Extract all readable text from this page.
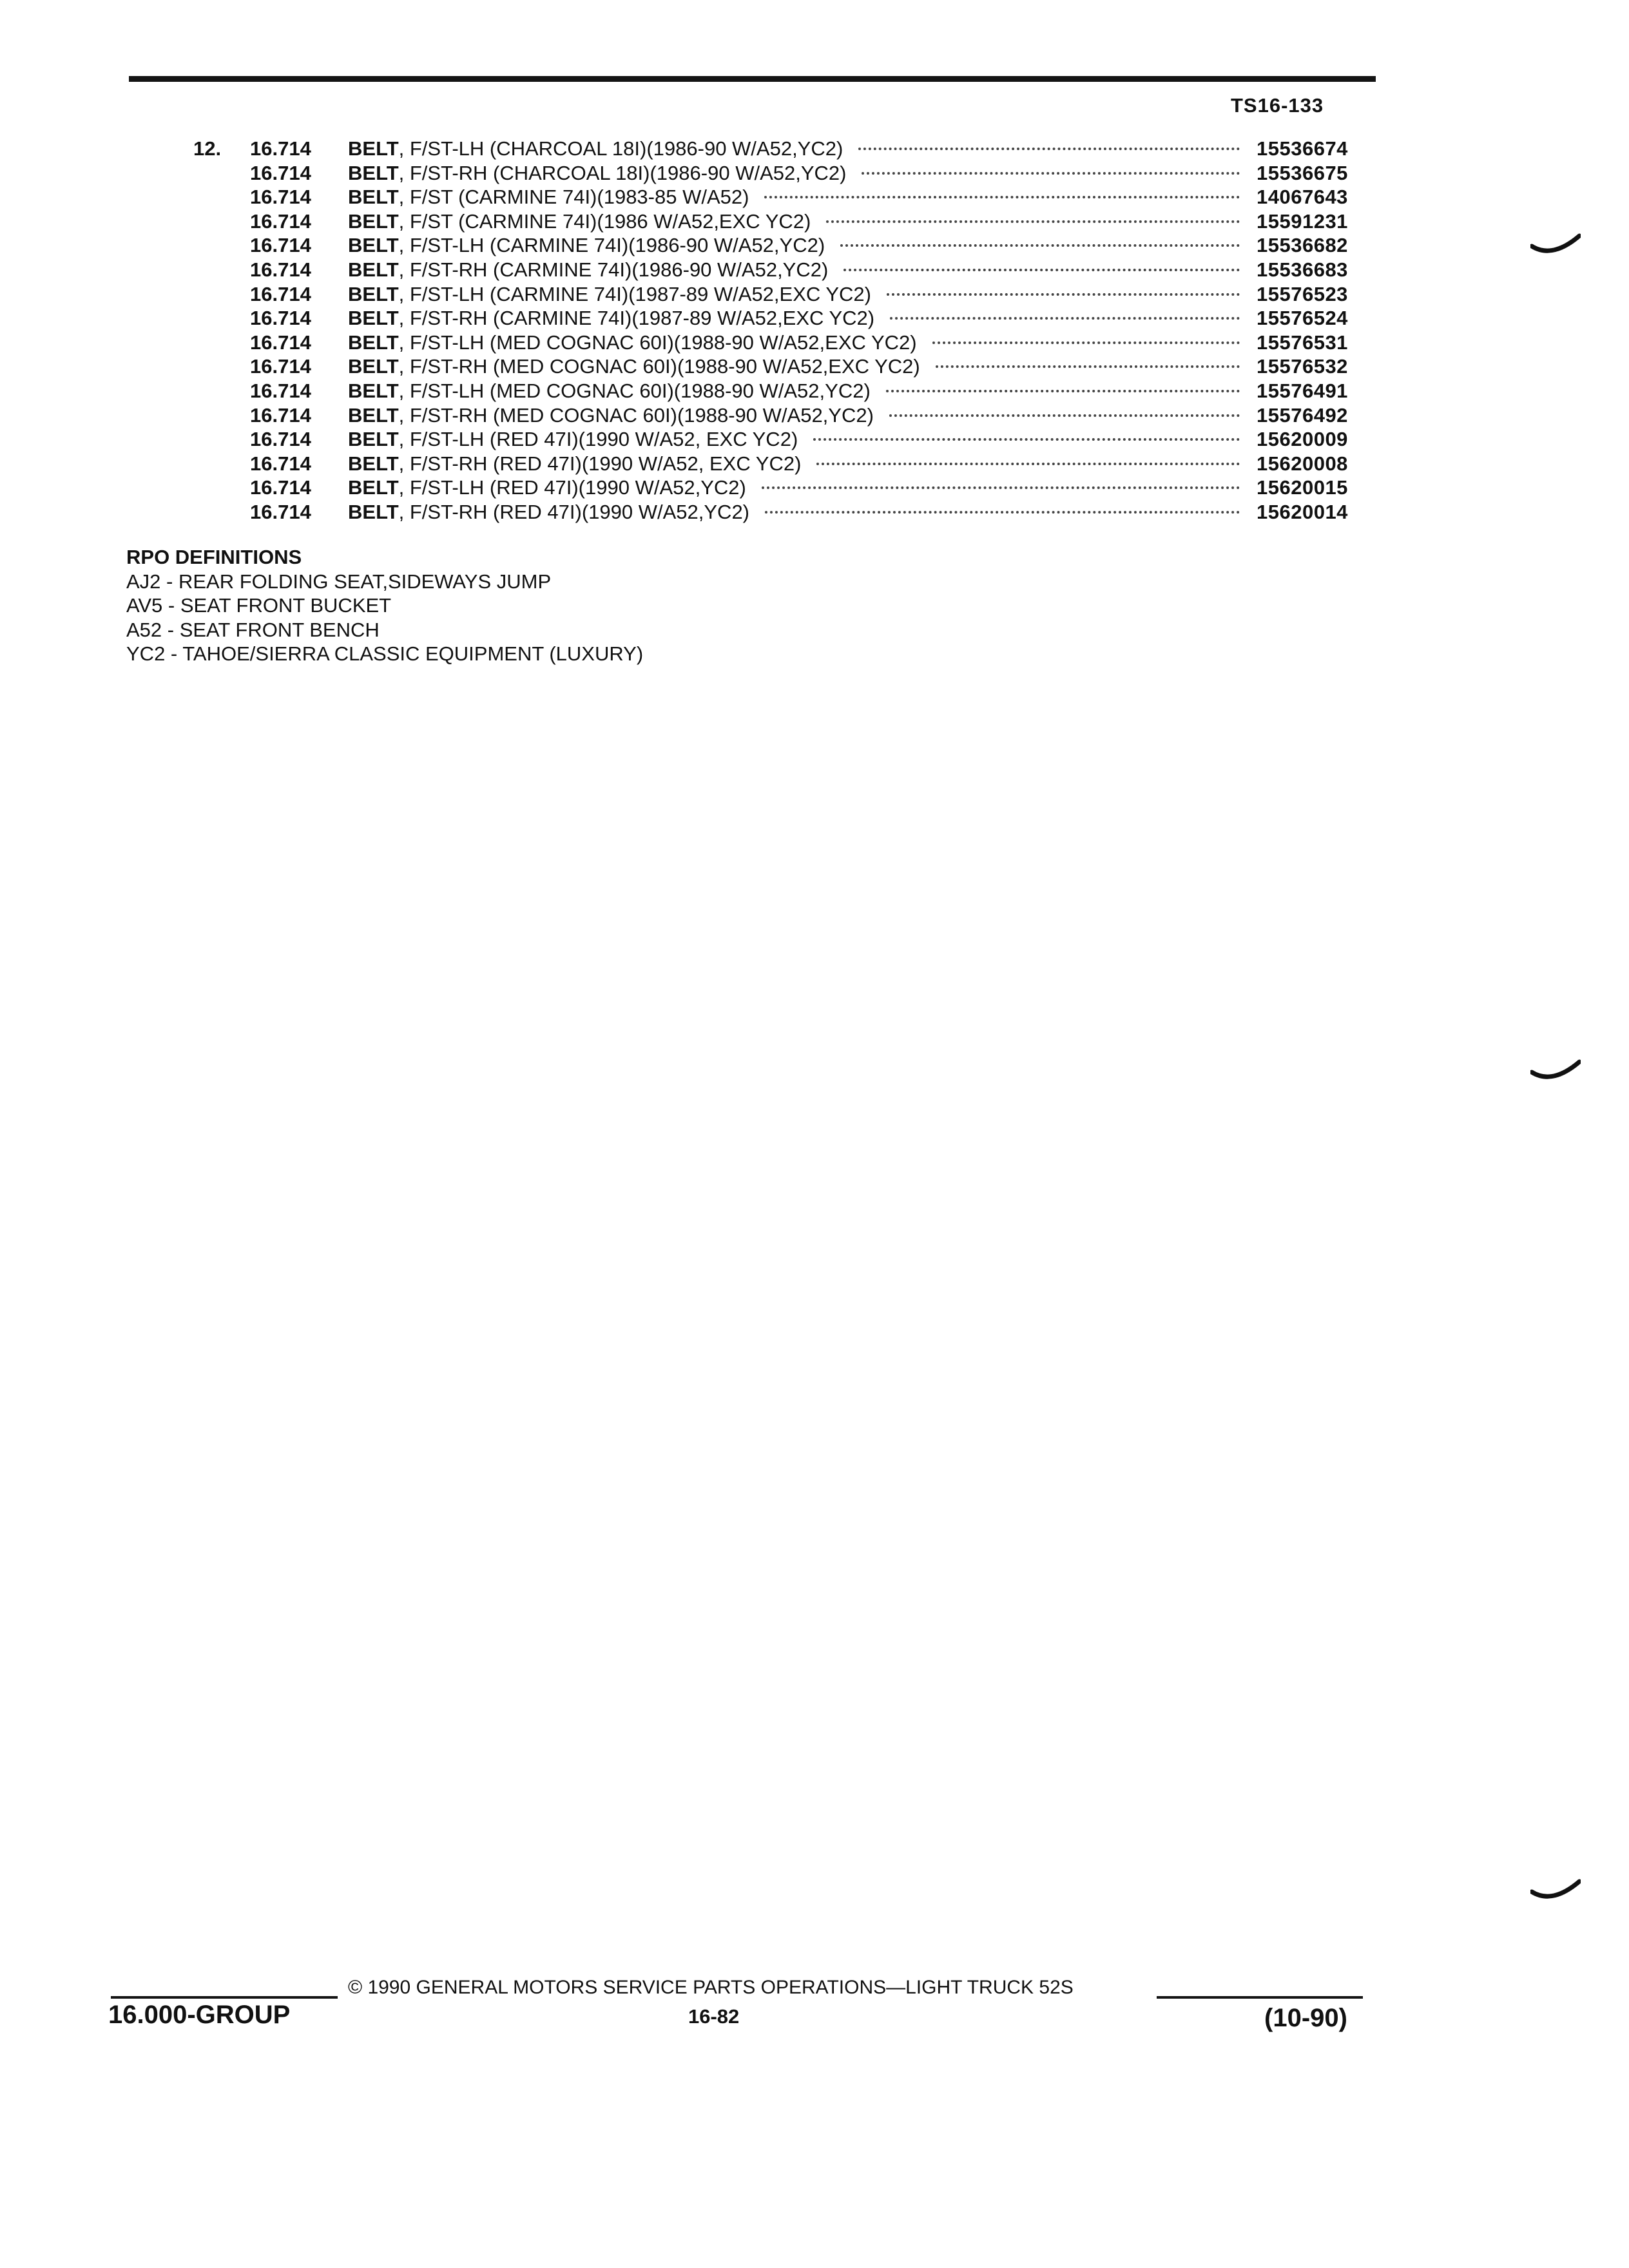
TS16-133
12. 16.714 BELT , F/ST-LH (CHARCOAL 18I)(1986-90 W/A52,YC2)	15536674
16.714 BELT , F/ST-RH (CHARCOAL 18I)(1986-90 W/A52,YC2)	15536675
16.714 BELT , F/ST (CARMINE 74I)(1983-85 W/A52)	14067643
16.714 BELT , F/ST (CARMINE 74I)(1986 W/A52,EXC YC2)	15591231
16.714 BELT , F/ST-LH (CARMINE 74I)(1986-90 W/A52,YC2)	15536682
16.714 BELT , F/ST-RH (CARMINE 74I)(1986-90 W/A52,YC2)	15536683
16.714 BELT , F/ST-LH (CARMINE 74I)(1987-89 W/A52,EXC YC2)	15576523
16.714 BELT , F/ST-RH (CARMINE 74I)(1987-89 W/A52,EXC YC2)	15576524
16.714 BELT , F/ST-LH (MED COGNAC 60I)(1988-90 W/A52,EXC YC2)	15576531
16.714 BELT , F/ST-RH (MED COGNAC 60I)(1988-90 W/A52,EXC YC2)	15576532
16.714 BELT , F/ST-LH (MED COGNAC 60I)(1988-90 W/A52,YC2)	15576491
16.714 BELT , F/ST-RH (MED COGNAC 60I)(1988-90 W/A52,YC2)	15576492
16.714 BELT , F/ST-LH (RED 47I)(1990 W/A52, EXC YC2)	15620009
16.714 BELT , F/ST-RH (RED 47I)(1990 W/A52, EXC YC2)	15620008
16.714 BELT , F/ST-LH (RED 47I)(1990 W/A52,YC2)	15620015
16.714 BELT , F/ST-RH (RED 47I)(1990 W/A52,YC2)	15620014
RPO DEFINITIONS
AJ2 - REAR FOLDING SEAT,SIDEWAYS JUMP
AV5 - SEAT FRONT BUCKET
A52 - SEAT FRONT BENCH
YC2 - TAHOE/SIERRA CLASSIC EQUIPMENT (LUXURY)
16.000-GROUP
© 1990 GENERAL MOTORS SERVICE PARTS OPERATIONS—LIGHT TRUCK 52S
16-82	(10-90)
